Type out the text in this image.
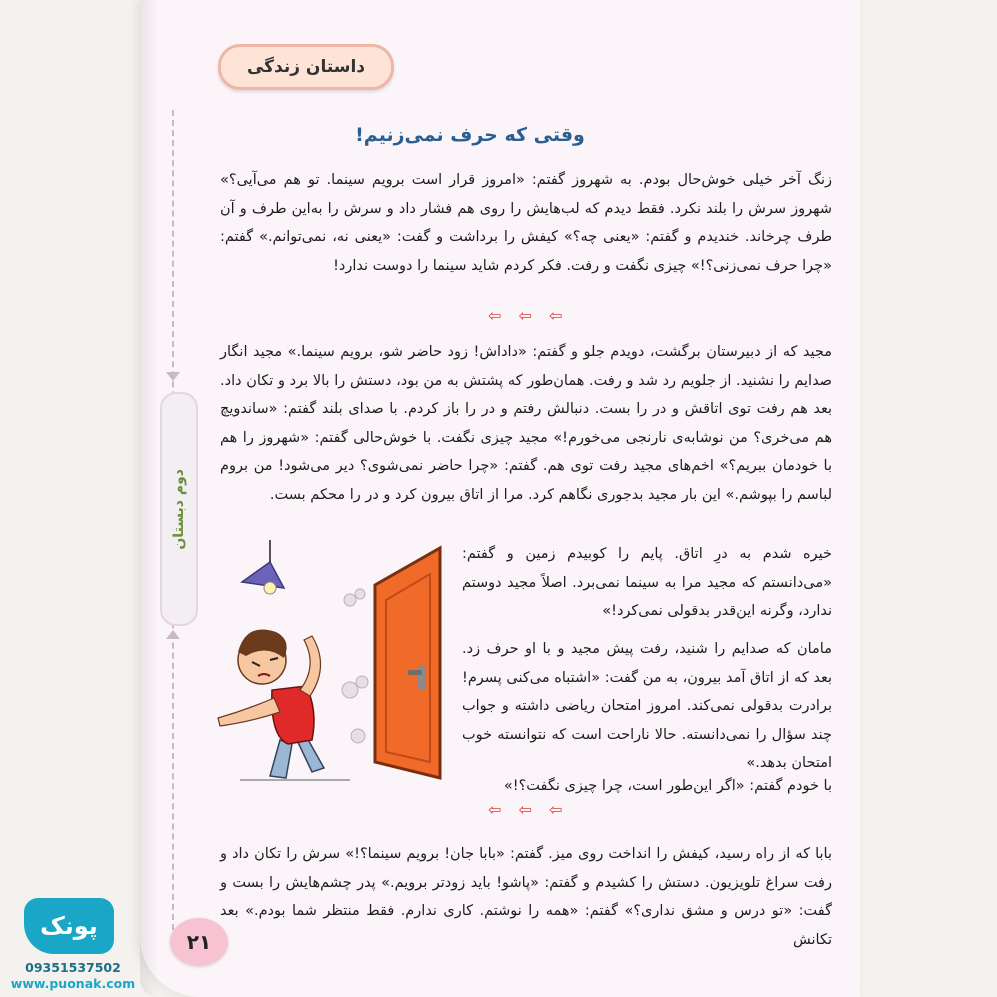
داستان زندگی
دوم دبستان
وقتی که حرف نمی‌زنیم!

زنگ آخر خیلی خوش‌حال بودم. به شهروز گفتم: «امروز قرار است برویم سینما. تو هم می‌آیی؟» شهروز سرش را بلند نکرد. فقط دیدم که لب‌هایش را روی هم فشار داد و سرش را به‌این طرف و آن طرف چرخاند. خندیدم و گفتم: «یعنی چه؟» کیفش را برداشت و گفت: «یعنی نه، نمی‌توانم.» گفتم: «چرا حرف نمی‌زنی؟!» چیزی نگفت و رفت. فکر کردم شاید سینما را دوست ندارد!

⇦ ⇦ ⇦

مجید که از دبیرستان برگشت، دویدم جلو و گفتم: «داداش! زود حاضر شو، برویم سینما.» مجید انگار صدایم را نشنید. از جلویم رد شد و رفت. همان‌طور که پشتش به من بود، دستش را بالا برد و تکان داد. بعد هم رفت توی اتاقش و در را بست. دنبالش رفتم و در را باز کردم. با صدای بلند گفتم: «ساندویچ هم می‌خری؟ من نوشابه‌ی نارنجی می‌خورم!» مجید چیزی نگفت. با خوش‌حالی گفتم: «شهروز را هم با خودمان ببریم؟» اخم‌های مجید رفت توی هم. گفتم: «چرا حاضر نمی‌شوی؟ دیر می‌شود! من بروم لباسم را بپوشم.» این بار مجید بدجوری نگاهم کرد. مرا از اتاق بیرون کرد و در را محکم بست.

خیره شدم به درِ اتاق. پایم را کوبیدم زمین و گفتم: «می‌دانستم که مجید مرا به سینما نمی‌برد. اصلاً مجید دوستم ندارد، وگرنه این‌قدر بدقولی نمی‌کرد!»

مامان که صدایم را شنید، رفت پیش مجید و با او حرف زد. بعد که از اتاق آمد بیرون، به من گفت: «اشتباه می‌کنی پسرم! برادرت بدقولی نمی‌کند. امروز امتحان ریاضی داشته و جواب چند سؤال را نمی‌دانسته. حالا ناراحت است که نتوانسته خوب امتحان بدهد.»

با خودم گفتم: «اگر این‌طور است، چرا چیزی نگفت؟!»

⇦ ⇦ ⇦

بابا که از راه رسید، کیفش را انداخت روی میز. گفتم: «بابا جان! برویم سینما؟!» سرش را تکان داد و رفت سراغ تلویزیون. دستش را کشیدم و گفتم: «پاشو! باید زودتر برویم.» پدر چشم‌هایش را بست و گفت: «تو درس و مشق نداری؟» گفتم: «همه را نوشتم. کاری ندارم. فقط منتظر شما بودم.» بعد تکانش

۲۱
پونک
09351537502
www.puonak.com
